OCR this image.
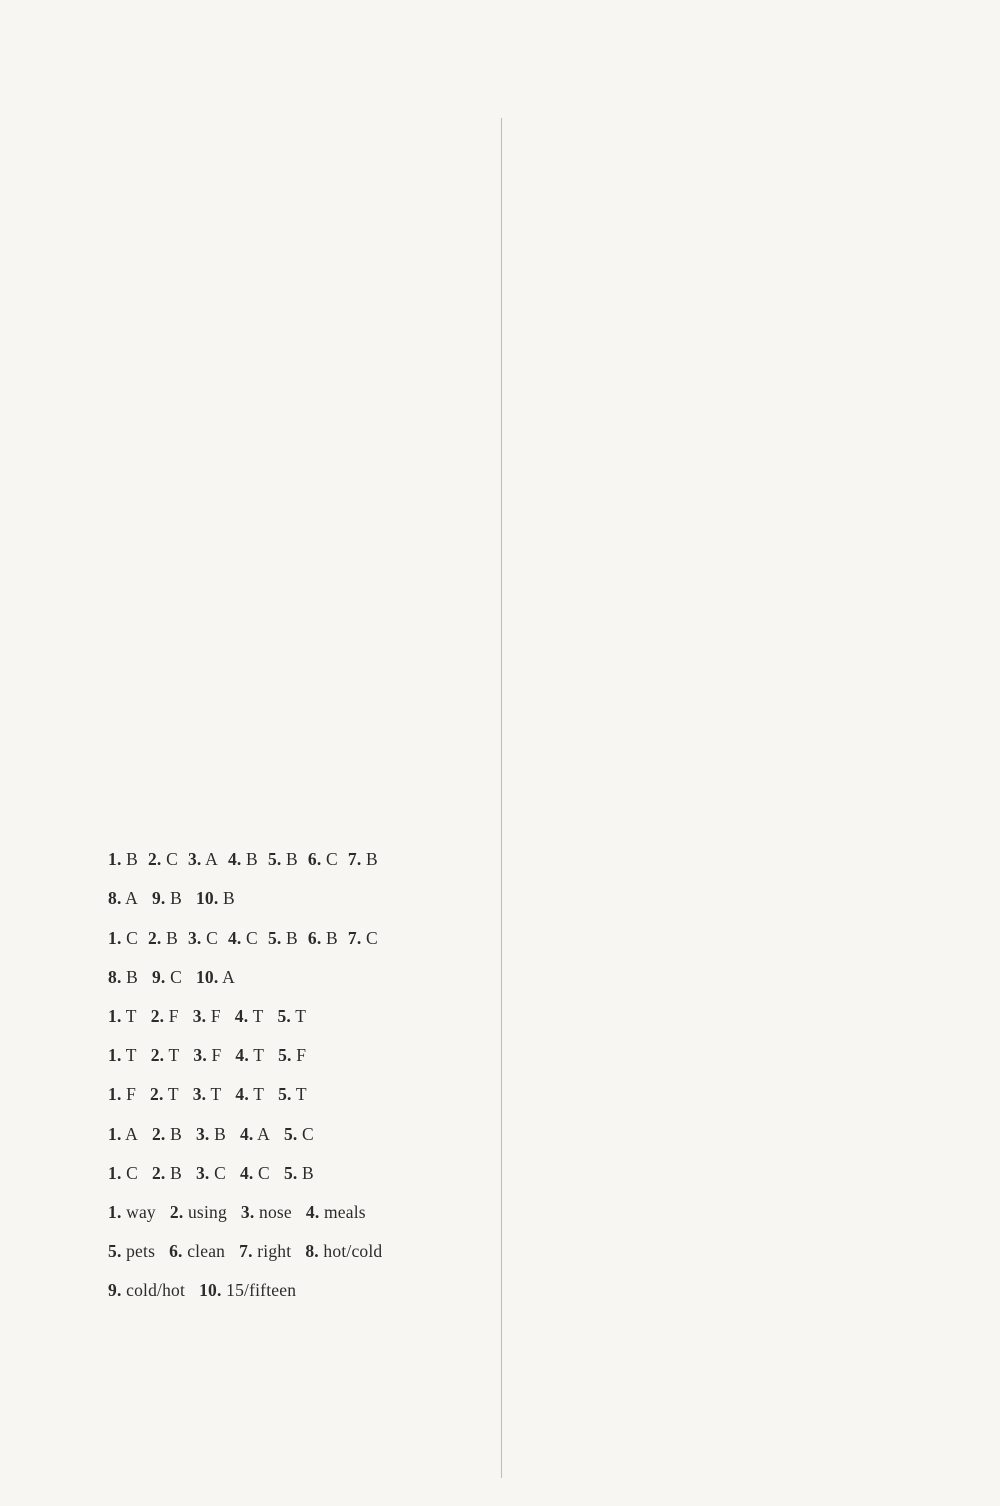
1. B 2. C 3. A 4. B 5. B 6. C 7. B
8. A 9. B 10. B
1. C 2. B 3. C 4. C 5. B 6. B 7. C
8. B 9. C 10. A
1. T 2. F 3. F 4. T 5. T
1. T 2. T 3. F 4. T 5. F
1. F 2. T 3. T 4. T 5. T
1. A 2. B 3. B 4. A 5. C
1. C 2. B 3. C 4. C 5. B
1. way 2. using 3. nose 4. meals
5. pets 6. clean 7. right 8. hot/cold
9. cold/hot 10. 15/fifteen
